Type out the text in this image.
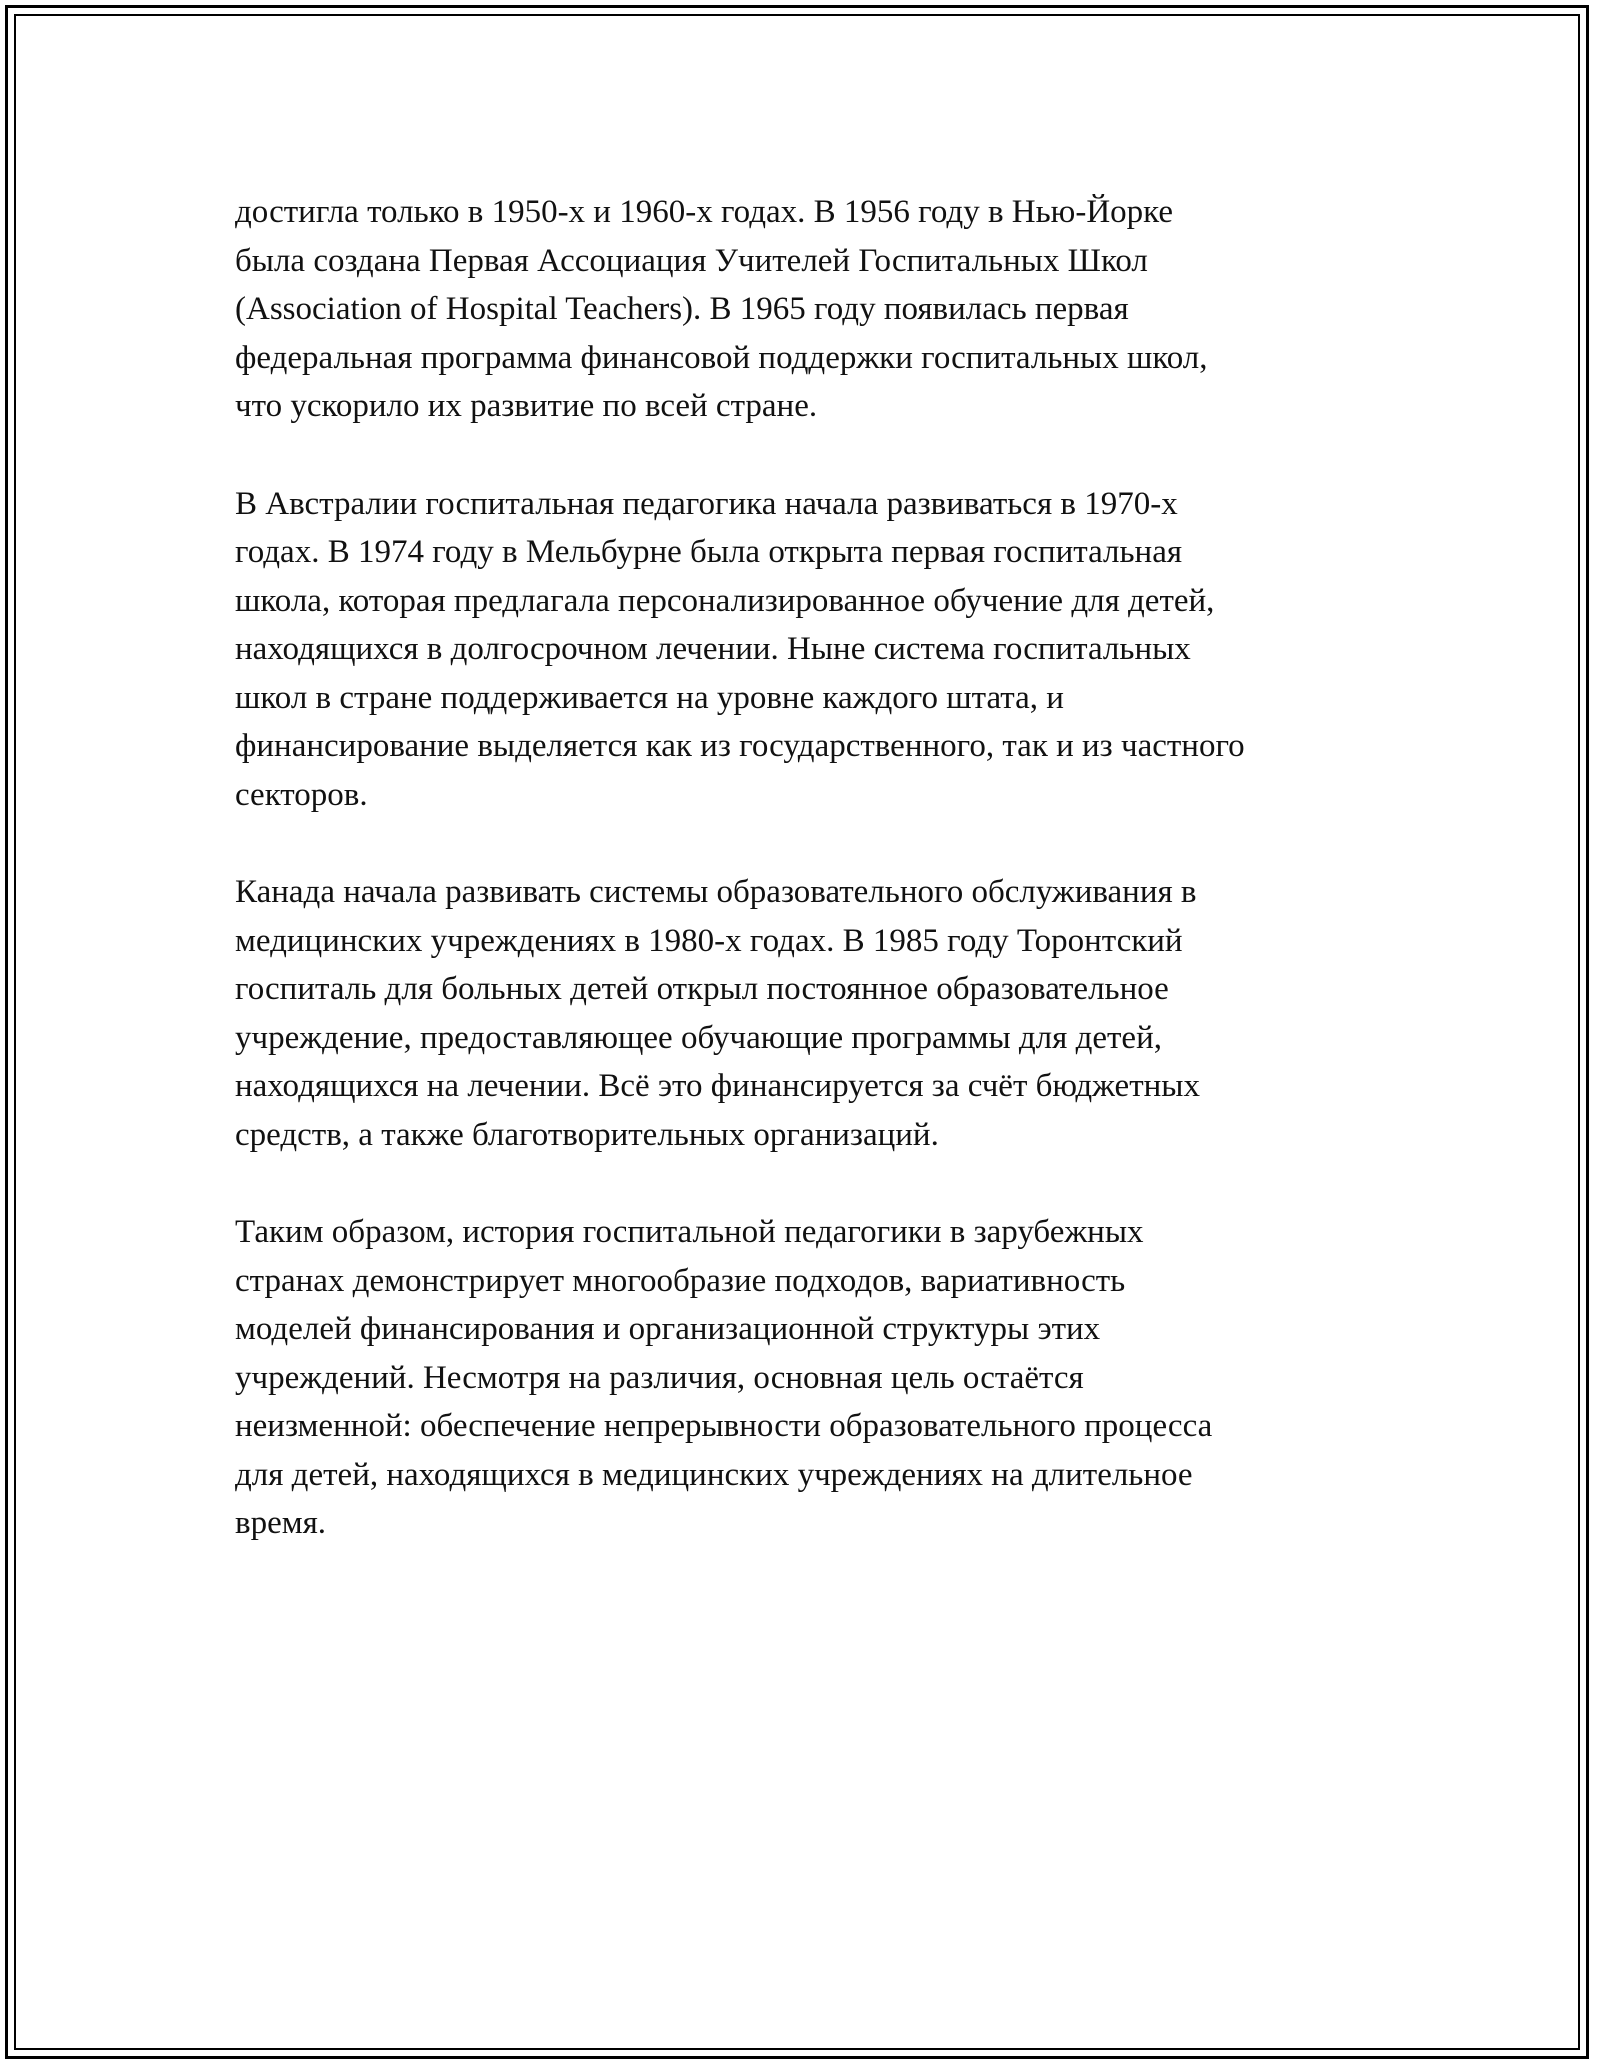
достигла только в 1950-х и 1960-х годах. В 1956 году в Нью-Йорке
была создана Первая Ассоциация Учителей Госпитальных Школ
(Association of Hospital Teachers). В 1965 году появилась первая
федеральная программа финансовой поддержки госпитальных школ,
что ускорило их развитие по всей стране.

В Австралии госпитальная педагогика начала развиваться в 1970-х
годах. В 1974 году в Мельбурне была открыта первая госпитальная
школа, которая предлагала персонализированное обучение для детей,
находящихся в долгосрочном лечении. Ныне система госпитальных
школ в стране поддерживается на уровне каждого штата, и
финансирование выделяется как из государственного, так и из частного
секторов.

Канада начала развивать системы образовательного обслуживания в
медицинских учреждениях в 1980-х годах. В 1985 году Торонтский
госпиталь для больных детей открыл постоянное образовательное
учреждение, предоставляющее обучающие программы для детей,
находящихся на лечении. Всё это финансируется за счёт бюджетных
средств, а также благотворительных организаций.

Таким образом, история госпитальной педагогики в зарубежных
странах демонстрирует многообразие подходов, вариативность
моделей финансирования и организационной структуры этих
учреждений. Несмотря на различия, основная цель остаётся
неизменной: обеспечение непрерывности образовательного процесса
для детей, находящихся в медицинских учреждениях на длительное
время.
